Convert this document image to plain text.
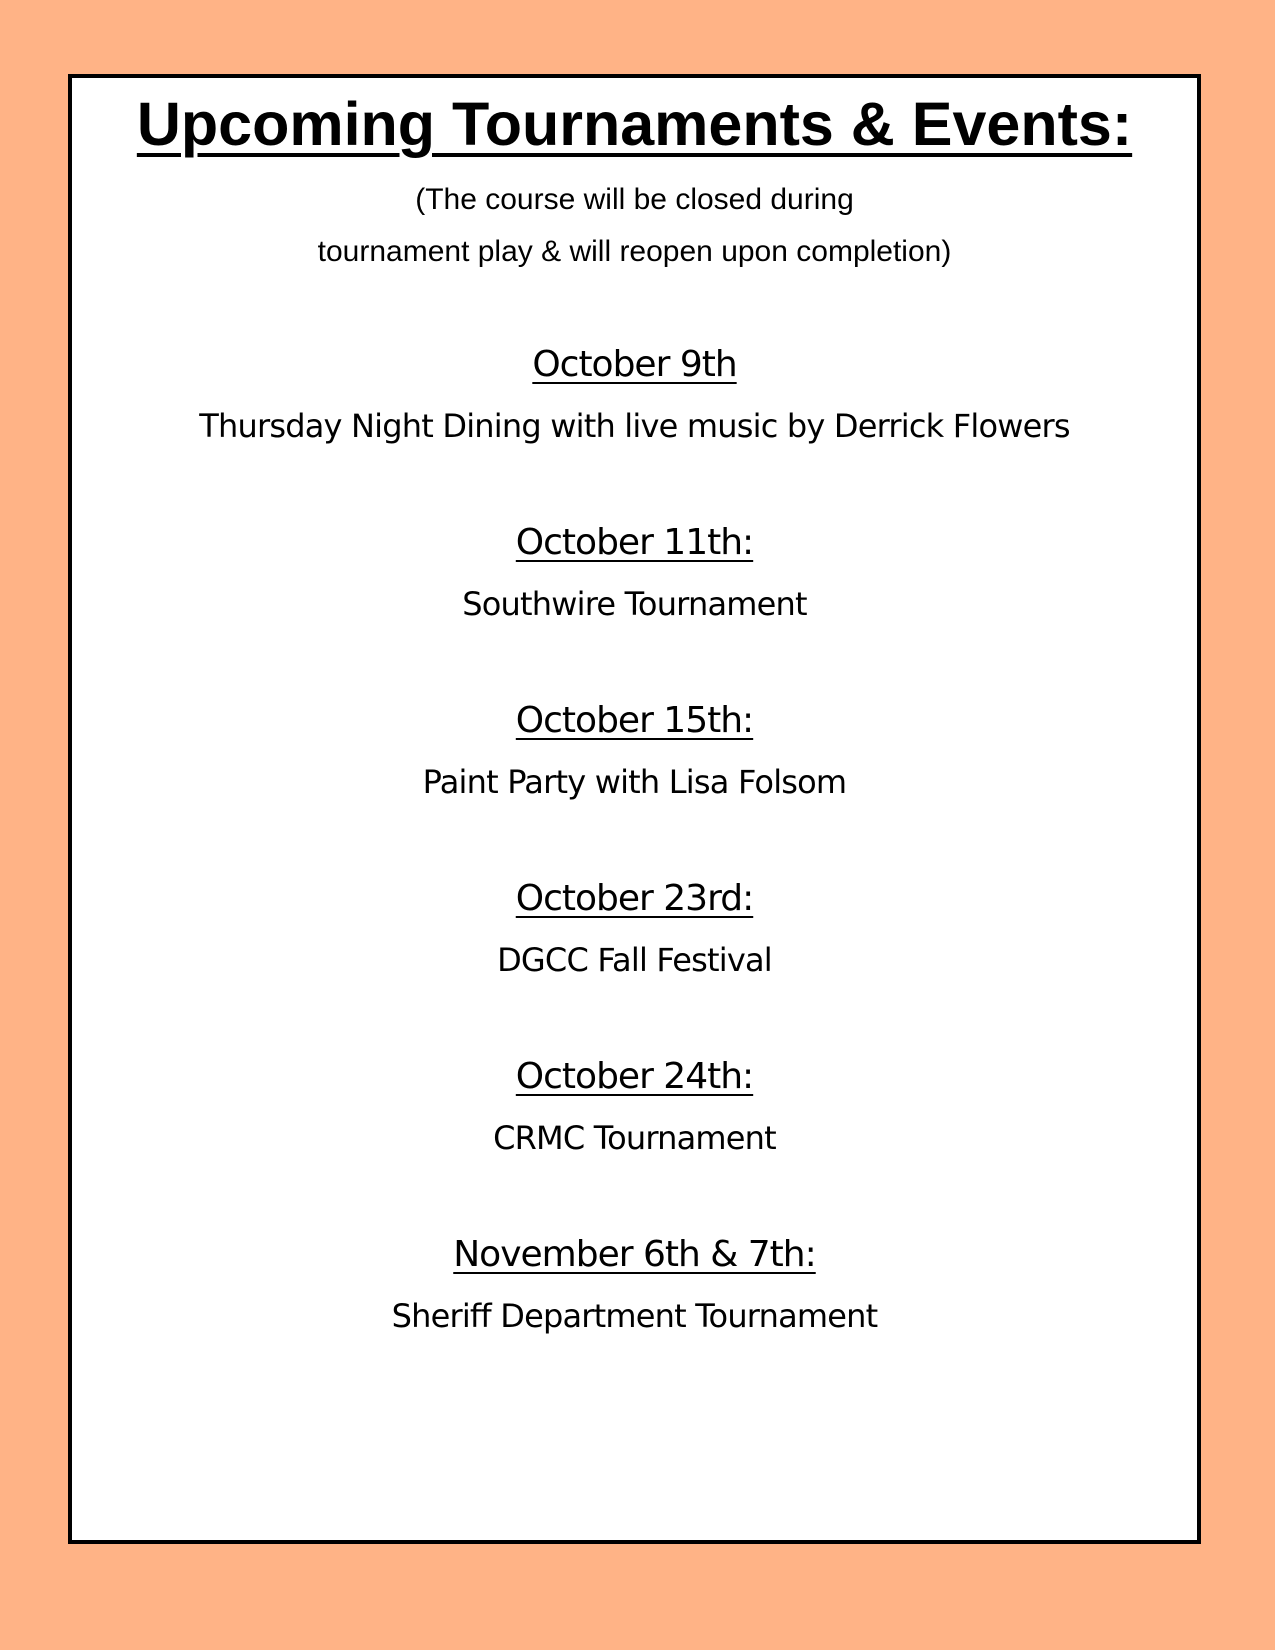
Upcoming Tournaments & Events:

(The course will be closed during
tournament play & will reopen upon completion)

October 9th
Thursday Night Dining with live music by Derrick Flowers
October 11th:
Southwire Tournament
October 15th:
Paint Party with Lisa Folsom
October 23rd:
DGCC Fall Festival
October 24th:
CRMC Tournament
November 6th & 7th:
Sheriff Department Tournament
